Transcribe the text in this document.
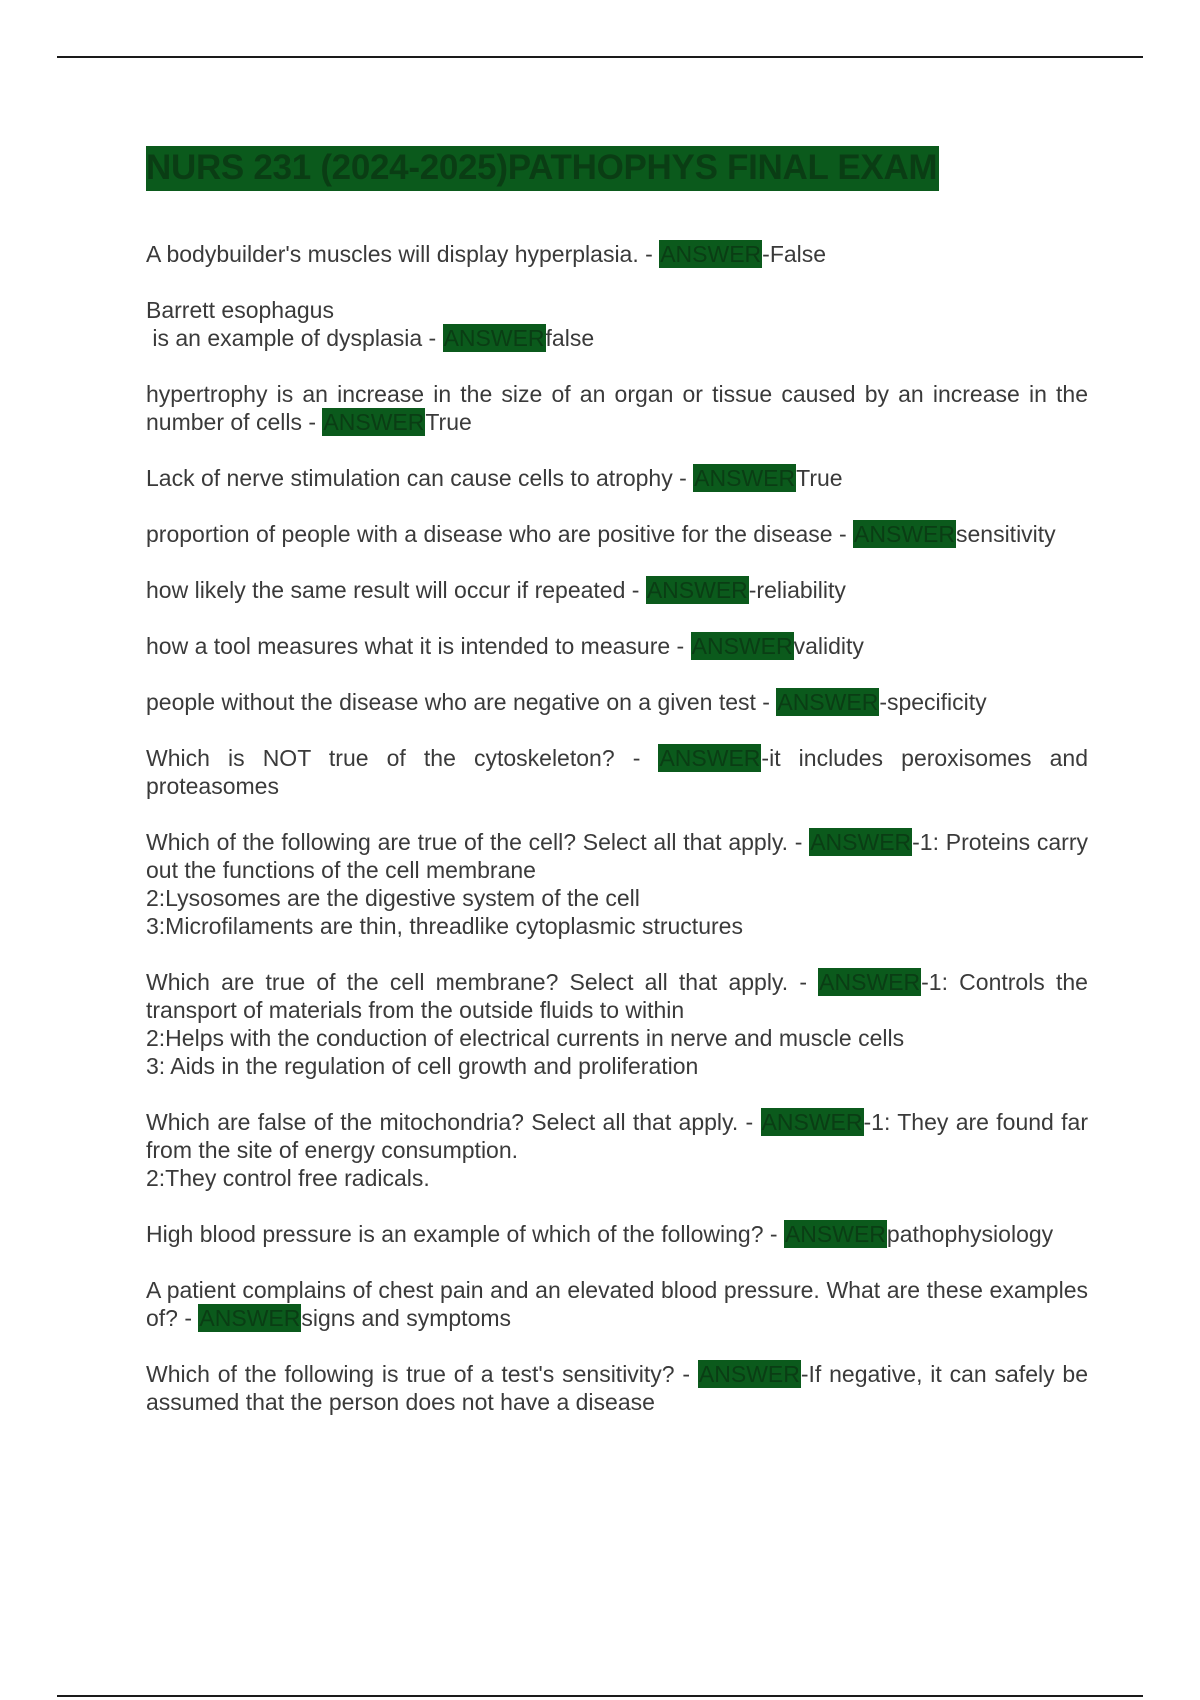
NURS 231 (2024-2025)PATHOPHYS FINAL EXAM

A bodybuilder's muscles will display hyperplasia. - ANSWER-False

Barrett esophagus
is an example of dysplasia - ANSWERfalse

hypertrophy is an increase in the size of an organ or tissue caused by an increase in the number of cells - ANSWERTrue

Lack of nerve stimulation can cause cells to atrophy - ANSWERTrue

proportion of people with a disease who are positive for the disease - ANSWERsensitivity

how likely the same result will occur if repeated - ANSWER-reliability

how a tool measures what it is intended to measure - ANSWERvalidity

people without the disease who are negative on a given test - ANSWER-specificity

Which is NOT true of the cytoskeleton? - ANSWER-it includes peroxisomes and proteasomes

Which of the following are true of the cell? Select all that apply. - ANSWER-1: Proteins carry out the functions of the cell membrane
2:Lysosomes are the digestive system of the cell
3:Microfilaments are thin, threadlike cytoplasmic structures

Which are true of the cell membrane? Select all that apply. - ANSWER-1: Controls the transport of materials from the outside fluids to within
2:Helps with the conduction of electrical currents in nerve and muscle cells
3: Aids in the regulation of cell growth and proliferation

Which are false of the mitochondria? Select all that apply. - ANSWER-1: They are found far from the site of energy consumption.
2:They control free radicals.

High blood pressure is an example of which of the following? - ANSWERpathophysiology

A patient complains of chest pain and an elevated blood pressure. What are these examples of? - ANSWERsigns and symptoms

Which of the following is true of a test's sensitivity? - ANSWER-If negative, it can safely be assumed that the person does not have a disease
